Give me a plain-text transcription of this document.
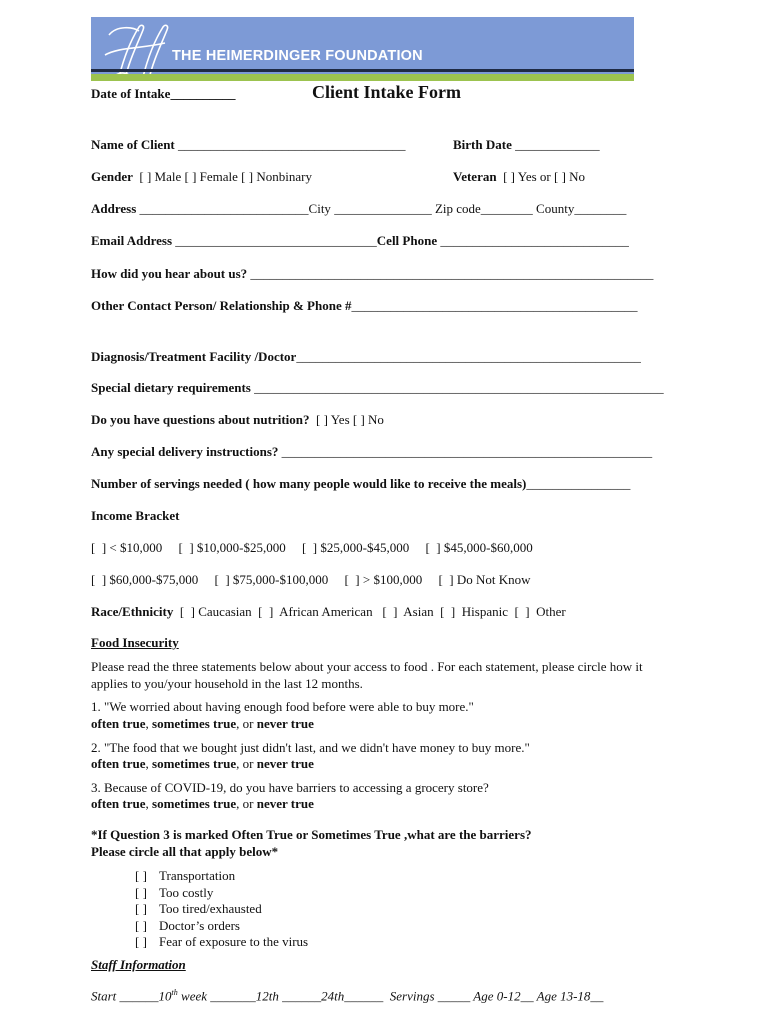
THE HEIMERDINGER FOUNDATION
Date of Intake__________	Client Intake Form
Name of Client ___________________________________	Birth Date _____________
Gender [ ] Male [ ] Female [ ] Nonbinary	Veteran [ ] Yes or [ ] No
Address __________________________City _______________ Zip code________ County________
Email Address _______________________________Cell Phone _____________________________
How did you hear about us? ______________________________________________________________
Other Contact Person/ Relationship & Phone #____________________________________________
Diagnosis/Treatment Facility /Doctor_____________________________________________________
Special dietary requirements _______________________________________________________________
Do you have questions about nutrition? [ ] Yes [ ] No
Any special delivery instructions? _________________________________________________________
Number of servings needed ( how many people would like to receive the meals)________________
Income Bracket
[  ] < $10,000     [  ] $10,000-$25,000     [  ] $25,000-$45,000     [  ] $45,000-$60,000
[  ] $60,000-$75,000     [  ] $75,000-$100,000     [  ] > $100,000     [  ] Do Not Know
Race/Ethnicity [  ] Caucasian  [  ]  African American   [  ]  Asian  [  ]  Hispanic  [  ]  Other
Food Insecurity
Please read the three statements below about your access to food . For each statement, please circle how it
applies to you/your household in the last 12 months.
1. "We worried about having enough food before were able to buy more."
often true, sometimes true, or never true
2. "The food that we bought just didn't last, and we didn't have money to buy more."
often true, sometimes true, or never true
3. Because of COVID-19, do you have barriers to accessing a grocery store?
often true, sometimes true, or never true
*If Question 3 is marked Often True or Sometimes True ,what are the barriers?
Please circle all that apply below*
[ ] Transportation
[ ] Too costly
[ ] Too tired/exhausted
[ ] Doctor’s orders
[ ] Fear of exposure to the virus
Staff Information
Start ______10th week _______12th ______24th______ Servings _____ Age 0-12__ Age 13-18__
